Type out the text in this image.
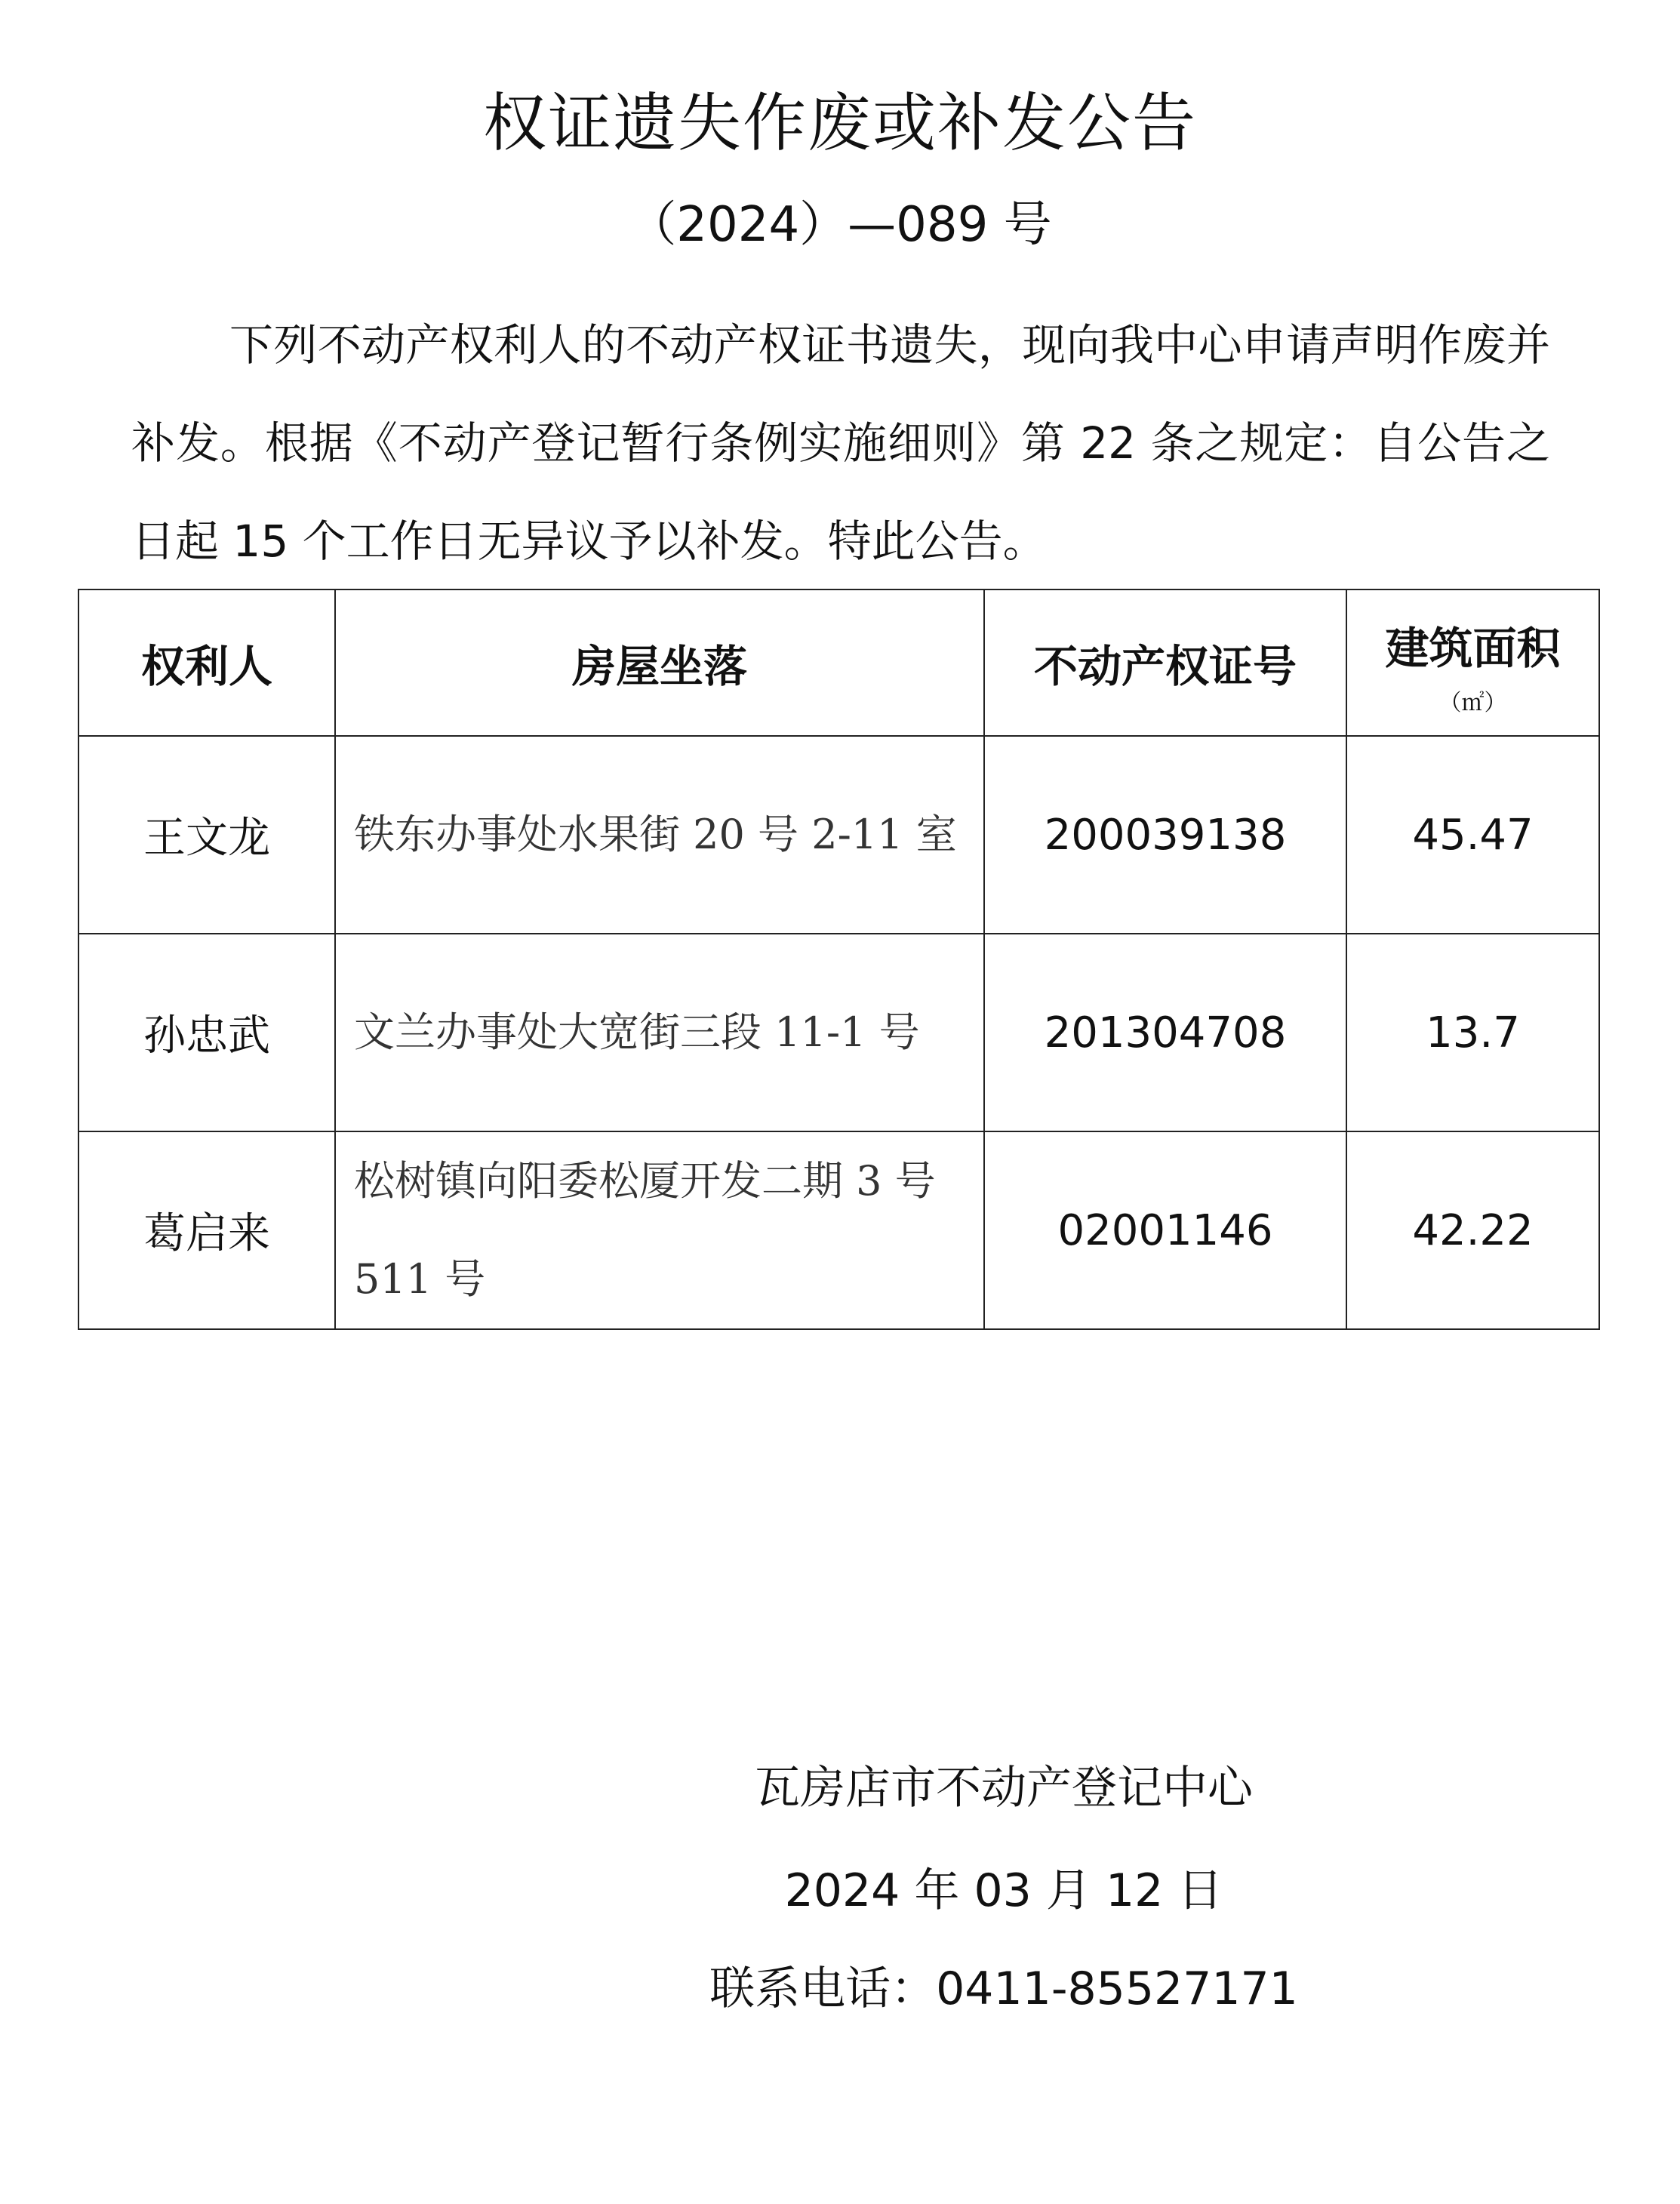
权证遗失作废或补发公告
（2024）—089 号
下列不动产权利人的不动产权证书遗失，现向我中心申请声明作废并补发。根据《不动产登记暂行条例实施细则》第 22 条之规定：自公告之日起 15 个工作日无异议予以补发。特此公告。
权利人	房屋坐落	不动产权证号	建筑面积
（㎡）

王文龙	铁东办事处水果街 20 号 2-11 室	200039138	45.47
孙忠武	文兰办事处大宽街三段 11-1 号	201304708	13.7
葛启来	松树镇向阳委松厦开发二期 3 号 511 号	02001146	42.22
瓦房店市不动产登记中心
2024 年 03 月 12 日
联系电话：0411-85527171
